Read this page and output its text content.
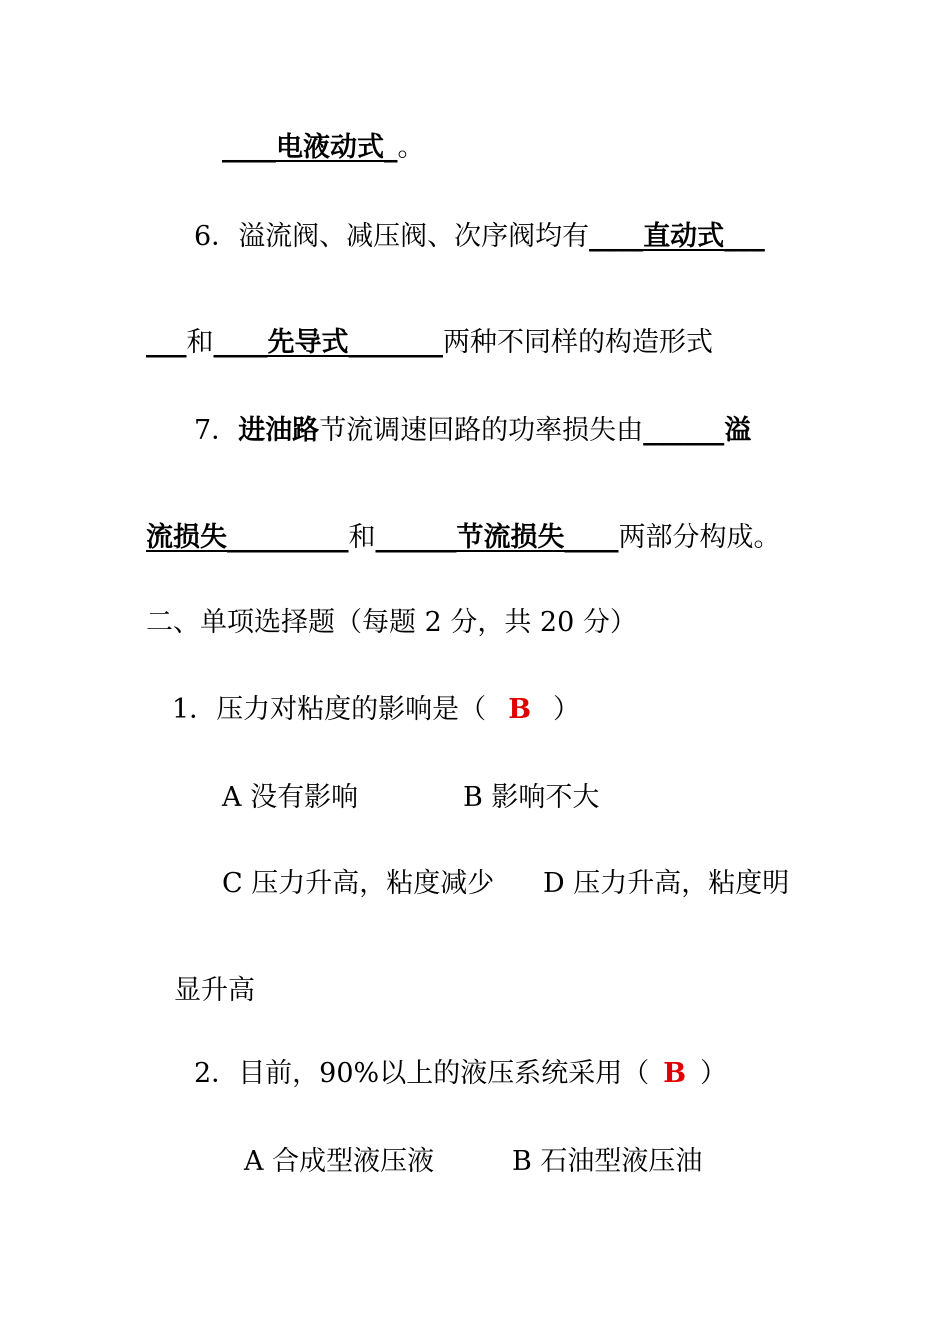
____电液动式_。
6．溢流阀、减压阀、次序阀均有____直动式___
___和____先导式_______两种不同样的构造形式
7．进油路节流调速回路的功率损失由______溢
流损失_________和______节流损失____两部分构成。
二、单项选择题（每题 2 分，共 20 分）
1．压力对粘度的影响是（ B ）
A 没有影响	B 影响不大
C 压力升高，粘度减少 D 压力升高，粘度明
显升高
2．目前，90%以上的液压系统采用（ B ）
A 合成型液压液	B 石油型液压油
